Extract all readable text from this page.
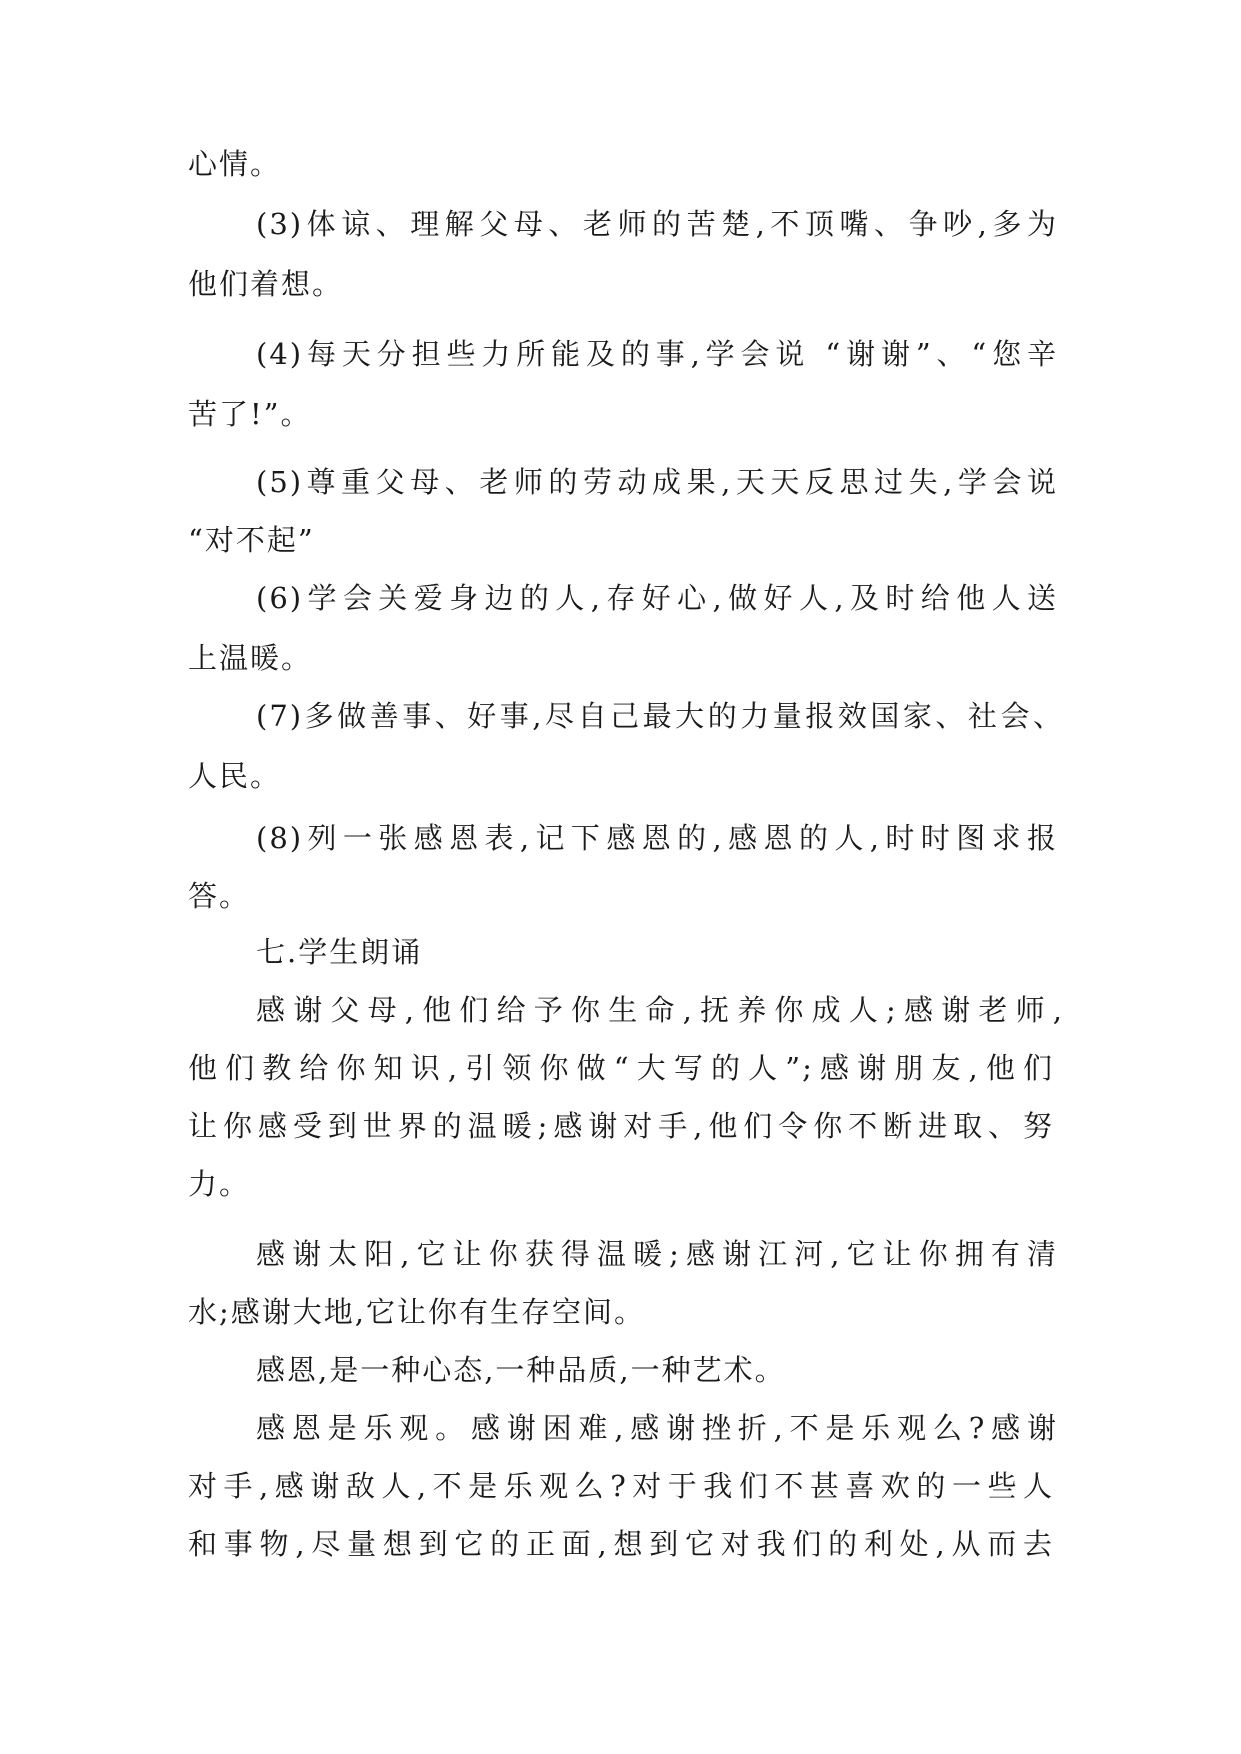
心情。

(3)体谅、理解父母、老师的苦楚,不顶嘴、争吵,多为

他们着想。

(4)每天分担些力所能及的事,学会说 “谢谢”、“您辛

苦了!”。

(5)尊重父母、老师的劳动成果,天天反思过失,学会说

“对不起”

(6)学会关爱身边的人,存好心,做好人,及时给他人送

上温暖。

(7)多做善事、好事,尽自己最大的力量报效国家、社会、

人民。

(8)列一张感恩表,记下感恩的,感恩的人,时时图求报

答。

七.学生朗诵

感谢父母,他们给予你生命,抚养你成人;感谢老师,

他们教给你知识,引领你做“大写的人”;感谢朋友,他们

让你感受到世界的温暖;感谢对手,他们令你不断进取、努

力。

感谢太阳,它让你获得温暖;感谢江河,它让你拥有清

水;感谢大地,它让你有生存空间。

感恩,是一种心态,一种品质,一种艺术。

感恩是乐观。感谢困难,感谢挫折,不是乐观么?感谢

对手,感谢敌人,不是乐观么?对于我们不甚喜欢的一些人

和事物,尽量想到它的正面,想到它对我们的利处,从而去
